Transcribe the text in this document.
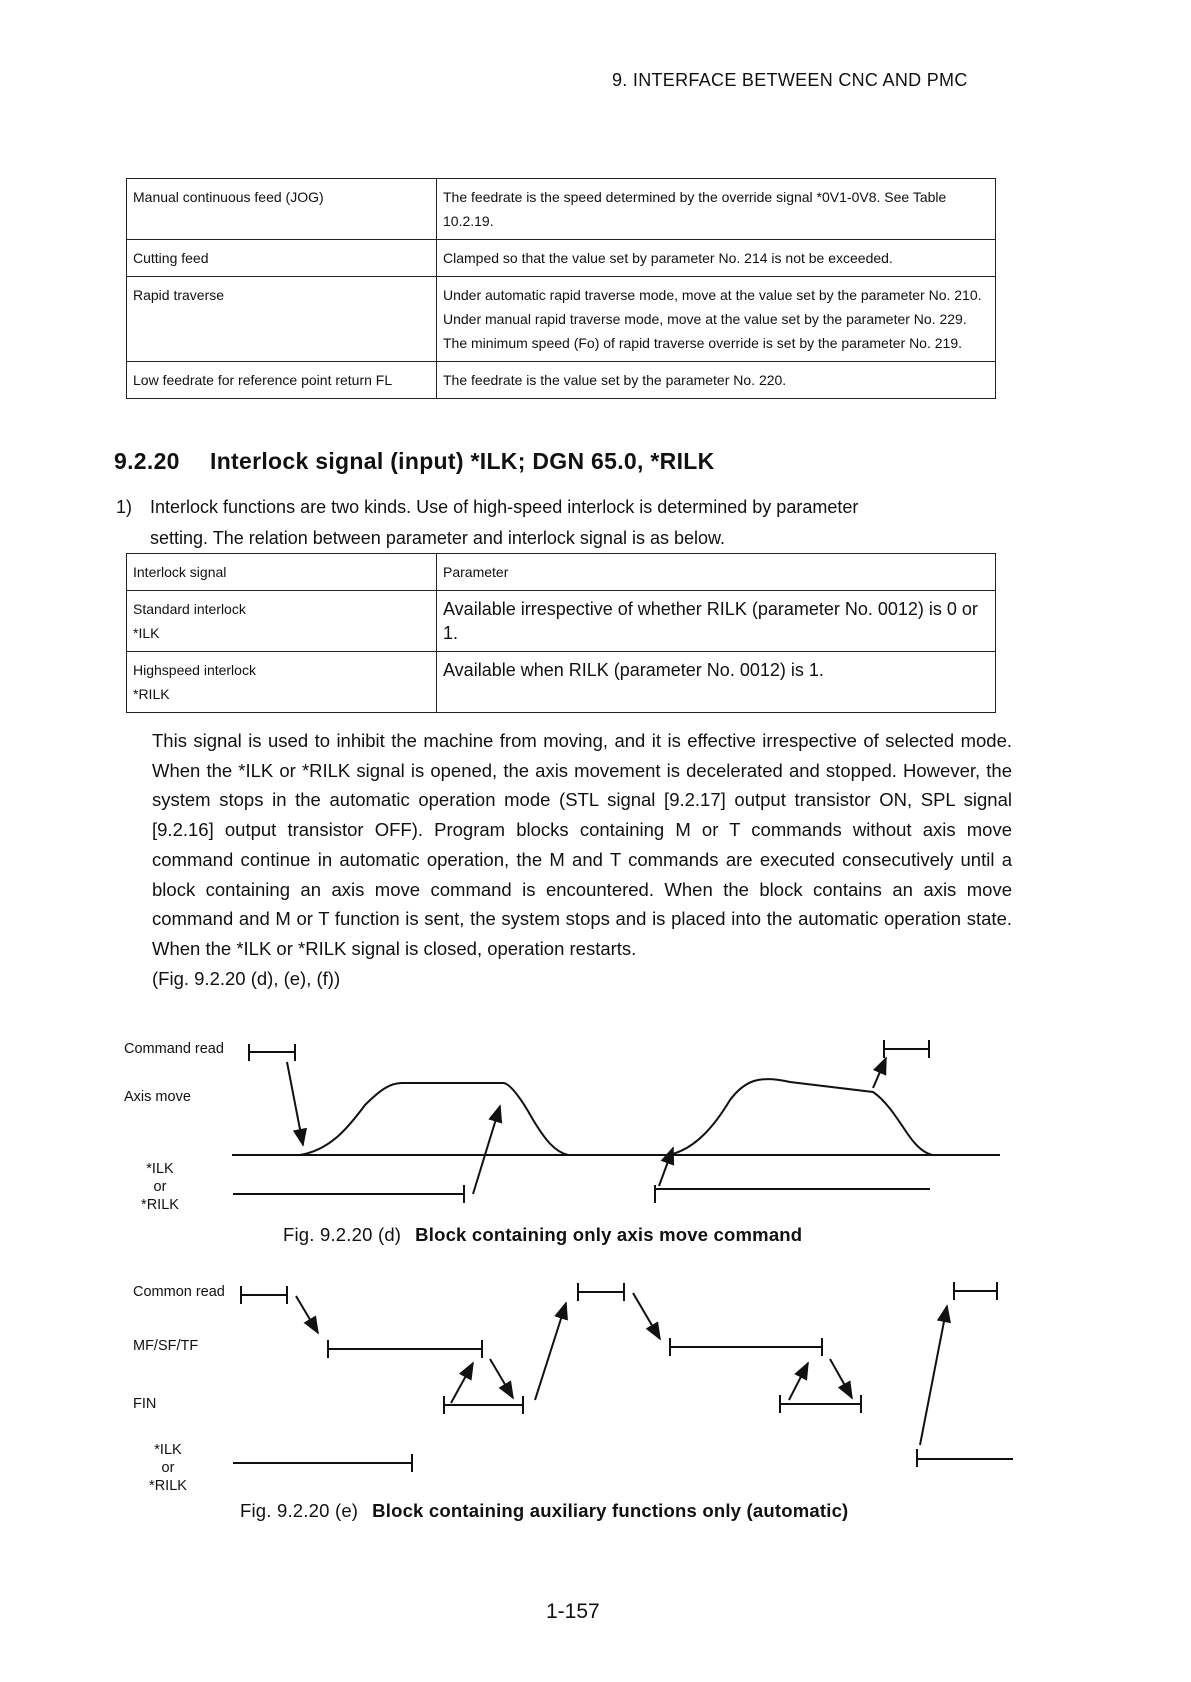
9. INTERFACE BETWEEN CNC AND PMC
Manual continuous feed (JOG)	The feedrate is the speed determined by the override signal *0V1-0V8. See Table 10.2.19.
Cutting feed	Clamped so that the value set by parameter No. 214 is not be exceeded.
Rapid traverse	Under automatic rapid traverse mode, move at the value set by the parameter No. 210. Under manual rapid traverse mode, move at the value set by the parameter No. 229. The minimum speed (Fo) of rapid traverse override is set by the parameter No. 219.
Low feedrate for reference point return FL	The feedrate is the value set by the parameter No. 220.
9.2.20 Interlock signal (input) *ILK; DGN 65.0, *RILK
1) Interlock functions are two kinds. Use of high-speed interlock is determined by parameter
setting. The relation between parameter and interlock signal is as below.
Interlock signal	Parameter

Standard interlock
*ILK	Available irrespective of whether RILK (parameter No. 0012) is 0 or 1.

Highspeed interlock
*RILK	Available when RILK (parameter No. 0012) is 1.

This signal is used to inhibit the machine from moving, and it is effective irrespective of selected mode. When the *ILK or *RILK signal is opened, the axis movement is decelerated and stopped. However, the system stops in the automatic operation mode (STL signal [9.2.17] output transistor ON, SPL signal [9.2.16] output transistor OFF). Program blocks containing M or T commands without axis move command continue in automatic operation, the M and T commands are executed consecutively until a block containing an axis move command is encountered. When the block contains an axis move command and M or T function is sent, the system stops and is placed into the automatic operation state. When the *ILK or *RILK signal is closed, operation restarts.

(Fig. 9.2.20 (d), (e), (f))

Command read
Axis move
*ILK
or
*RILK
Fig. 9.2.20 (d) Block containing only axis move command
Common read
MF/SF/TF
FIN
*ILK
or
*RILK
Fig. 9.2.20 (e) Block containing auxiliary functions only (automatic)
1-157
